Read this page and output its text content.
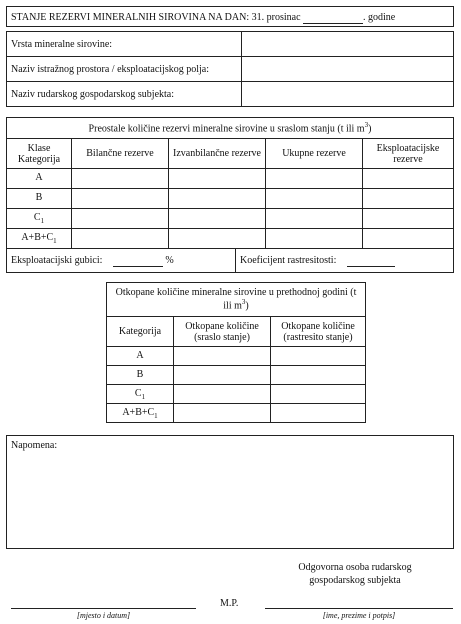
STANJE REZERVI MINERALNIH SIROVINA NA DAN: 31. prosinac	. godine
Vrsta mineralne sirovine:	
Naziv istražnog prostora / eksploatacijskog polja:	
Naziv rudarskog gospodarskog subjekta:	
Preostale količine rezervi mineralne sirovine u sraslom stanju (t ili $m^3$)				
Klase Kategorija	Bilančne rezerve	Izvanbilančne rezerve	Ukupne rezerve	Eksploatacijske rezerve
A				
B				
$C_1$				
$A+B+C_1$				
Eksploatacijski gubici:	%	Koeficijent rastresitosti:
Otkopane količine mineralne sirovine u prethodnoj godini (t ili $m^3$)		
Kategorija	Otkopane količine (sraslo stanje)	Otkopane količine (rastresito stanje)
A		
B		
$C_1$		
$A+B+C_1$		
Napomena:
Odgovorna osoba rudarskog
gospodarskog subjekta
[mjesto i datum]
M.P.
[ime, prezime i potpis]
